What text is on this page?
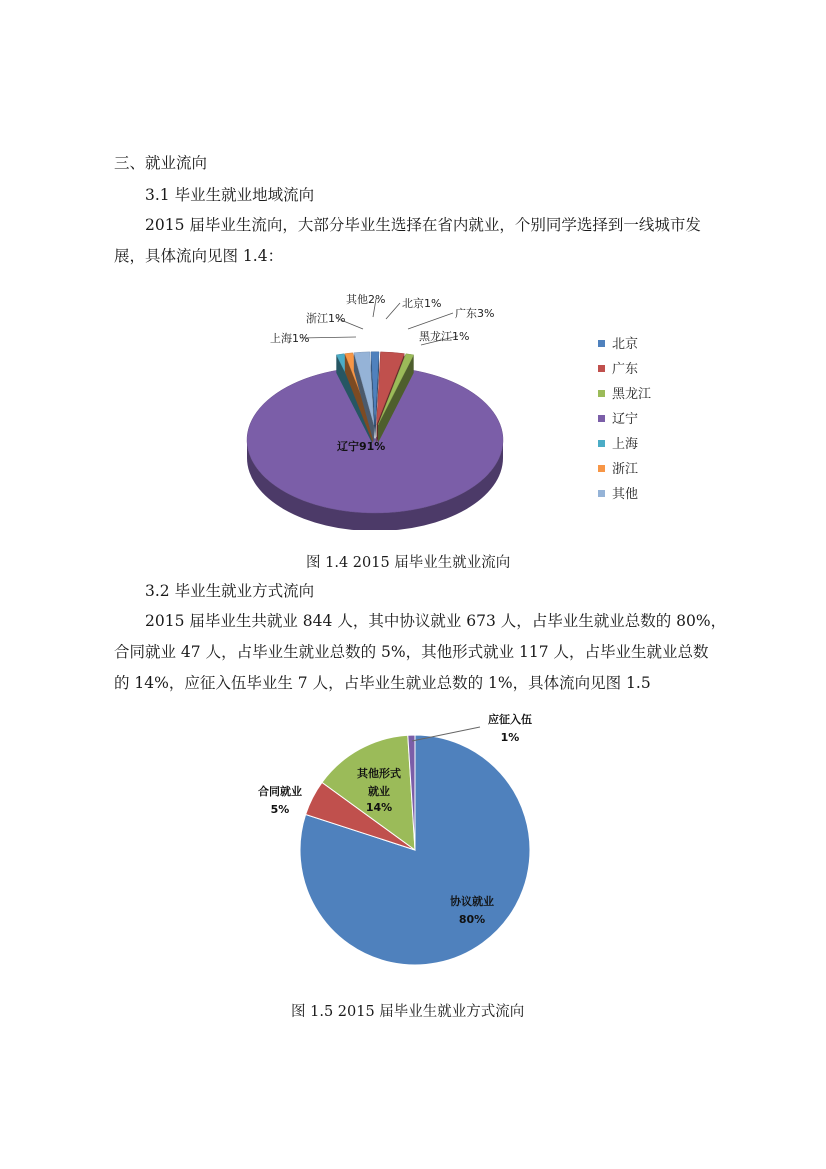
三、就业流向
3.1 毕业生就业地域流向
2015 届毕业生流向，大部分毕业生选择在省内就业，个别同学选择到一线城市发
展，具体流向见图 1.4：
北京1%
广东3%
黑龙江1%
辽宁91%
上海1%
浙江1%
其他2%
北京
广东
黑龙江
辽宁
上海
浙江
其他
图 1.4 2015 届毕业生就业流向
3.2 毕业生就业方式流向
2015 届毕业生共就业 844 人，其中协议就业 673 人，占毕业生就业总数的 80%，
合同就业 47 人，占毕业生就业总数的 5%，其他形式就业 117 人，占毕业生就业总数
的 14%，应征入伍毕业生 7 人，占毕业生就业总数的 1%，具体流向见图 1.5
协议就业
80%
合同就业
5%
其他形式
就业
14%
应征入伍
1%
图 1.5 2015 届毕业生就业方式流向
